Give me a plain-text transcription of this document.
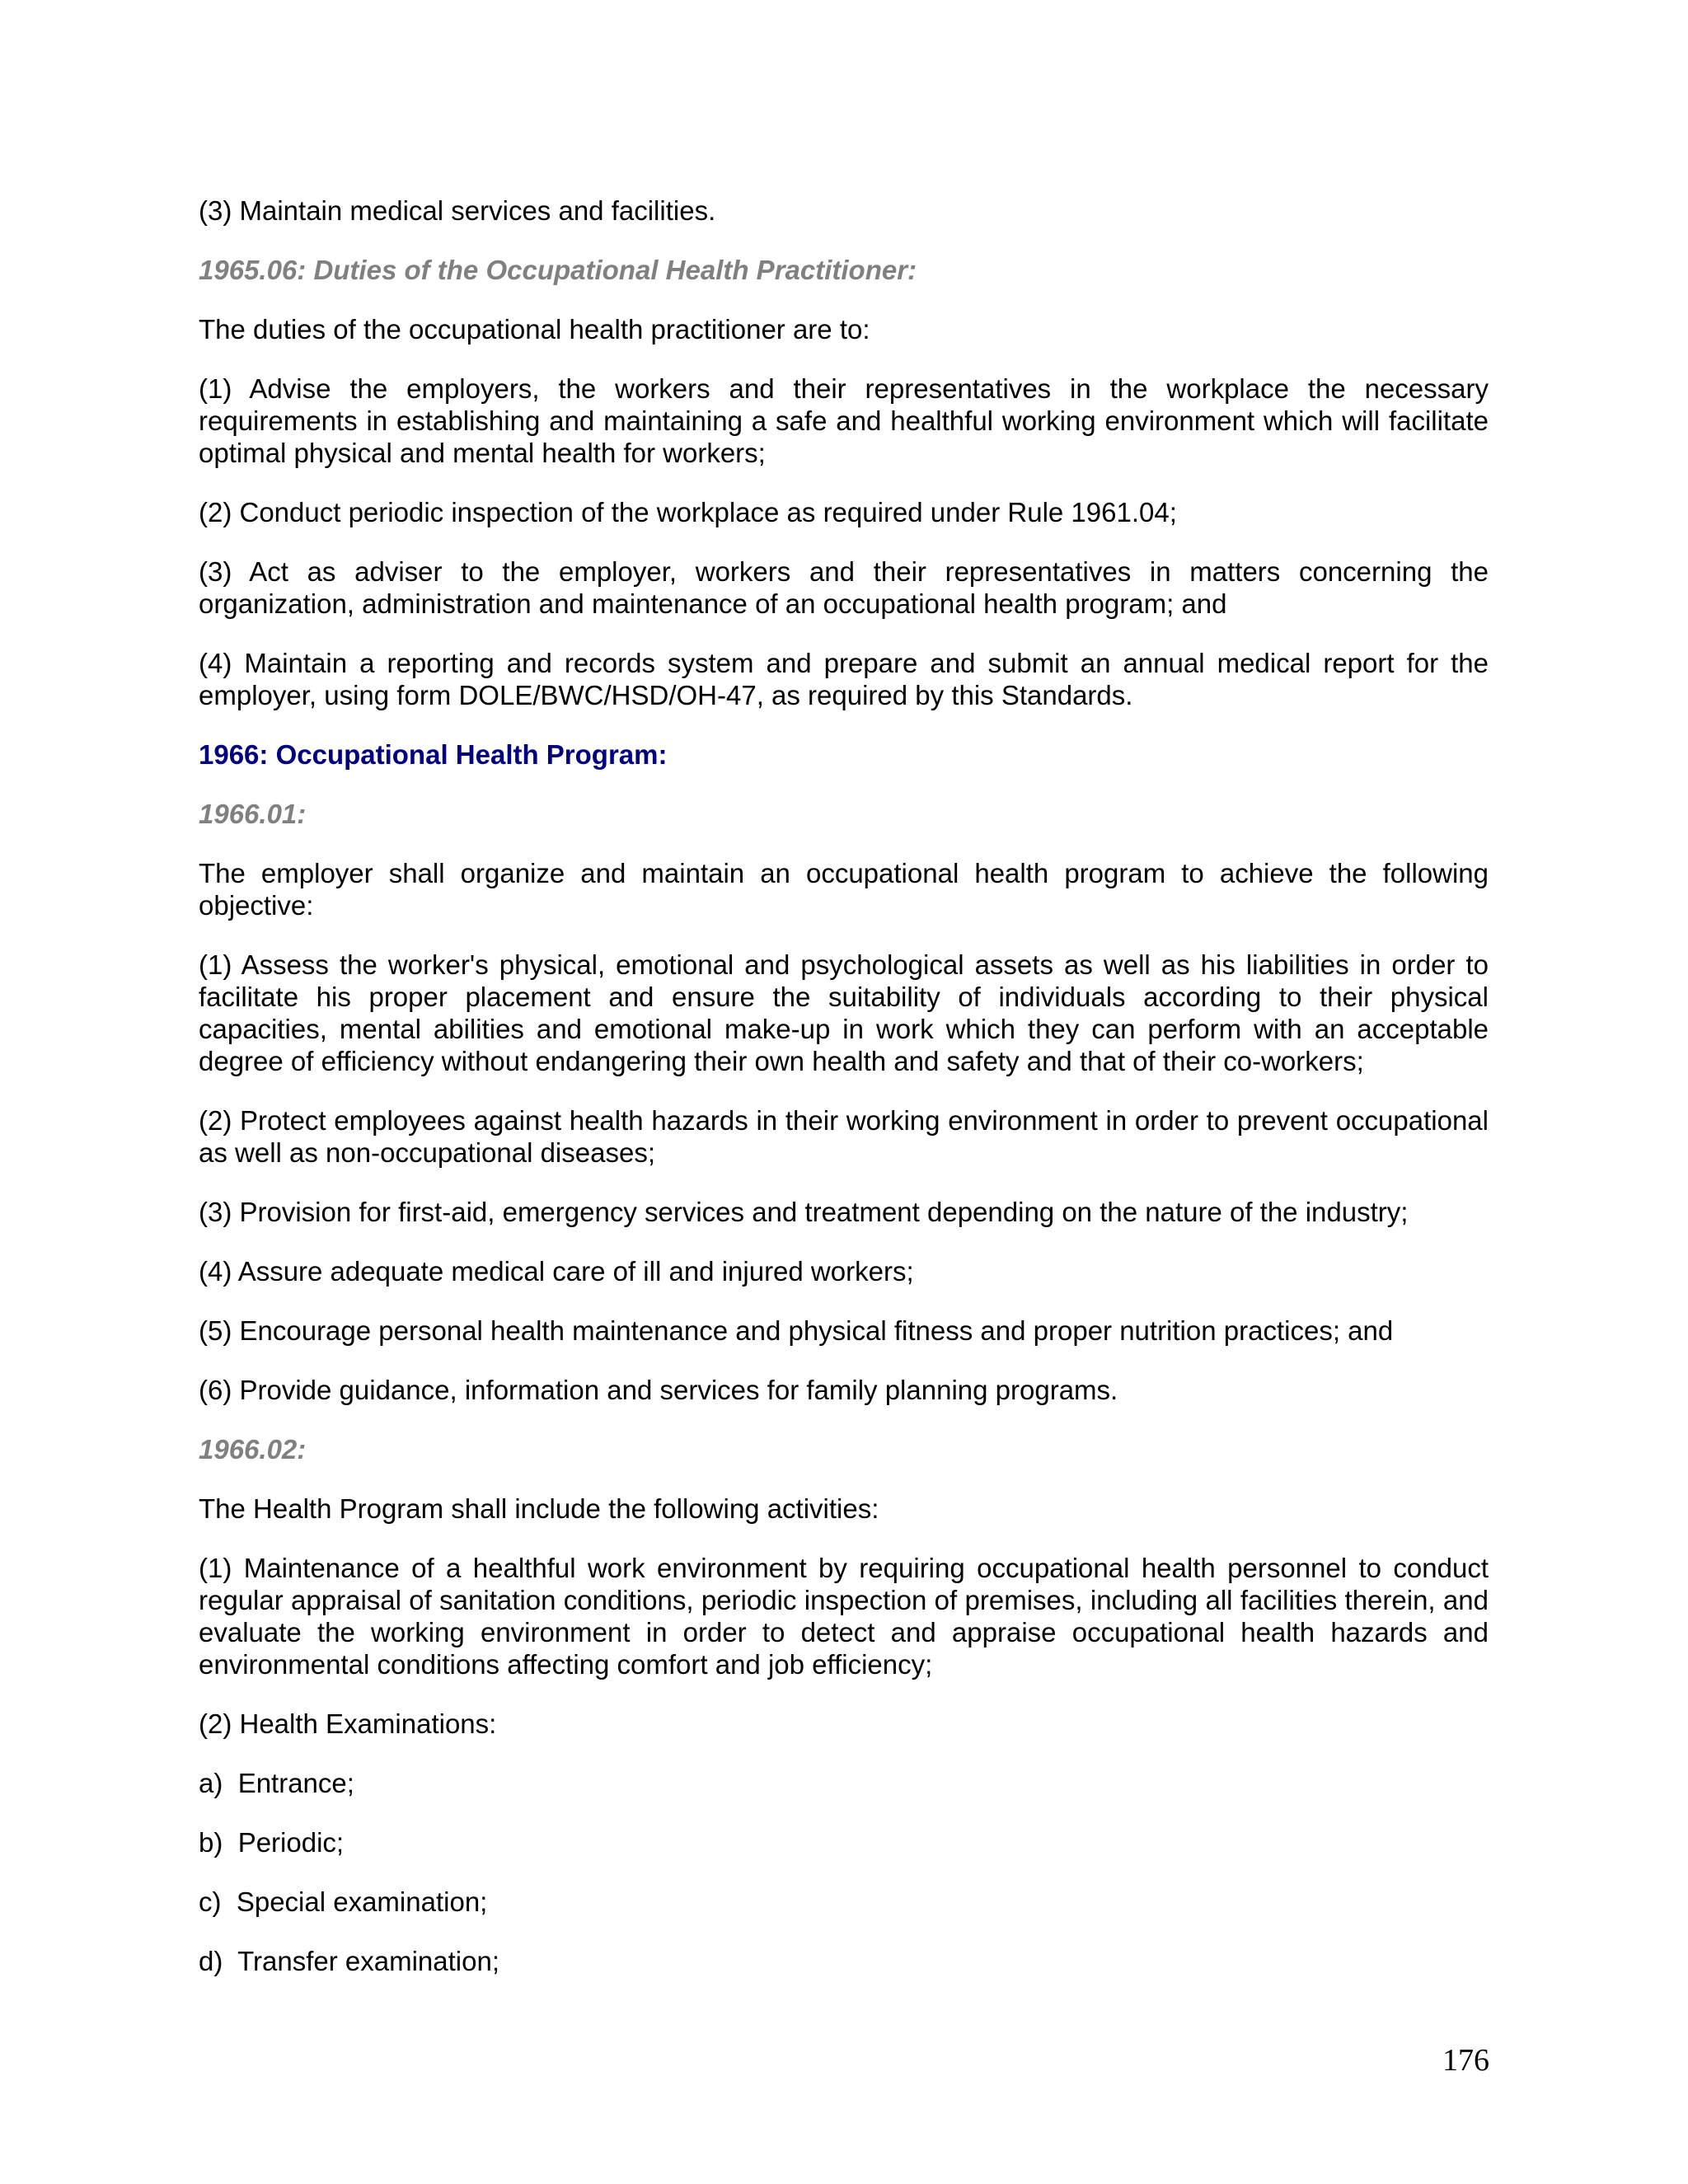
(3) Maintain medical services and facilities.

1965.06: Duties of the Occupational Health Practitioner:

The duties of the occupational health practitioner are to:

(1) Advise the employers, the workers and their representatives in the workplace the necessary requirements in establishing and maintaining a safe and healthful working environment which will facilitate optimal physical and mental health for workers;

(2) Conduct periodic inspection of the workplace as required under Rule 1961.04;

(3) Act as adviser to the employer, workers and their representatives in matters concerning the organization, administration and maintenance of an occupational health program; and

(4) Maintain a reporting and records system and prepare and submit an annual medical report for the employer, using form DOLE/BWC/HSD/OH-47, as required by this Standards.

1966: Occupational Health Program:

1966.01:

The employer shall organize and maintain an occupational health program to achieve the following objective:

(1) Assess the worker's physical, emotional and psychological assets as well as his liabilities in order to facilitate his proper placement and ensure the suitability of individuals according to their physical capacities, mental abilities and emotional make-up in work which they can perform with an acceptable degree of efficiency without endangering their own health and safety and that of their co-workers;

(2) Protect employees against health hazards in their working environment in order to prevent occupational as well as non-occupational diseases;

(3) Provision for first-aid, emergency services and treatment depending on the nature of the industry;

(4) Assure adequate medical care of ill and injured workers;

(5) Encourage personal health maintenance and physical fitness and proper nutrition practices; and

(6) Provide guidance, information and services for family planning programs.

1966.02:

The Health Program shall include the following activities:

(1) Maintenance of a healthful work environment by requiring occupational health personnel to conduct regular appraisal of sanitation conditions, periodic inspection of premises, including all facilities therein, and evaluate the working environment in order to detect and appraise occupational health hazards and environmental conditions affecting comfort and job efficiency;

(2) Health Examinations:

a)  Entrance;

b)  Periodic;

c)  Special examination;

d)  Transfer examination;

176
